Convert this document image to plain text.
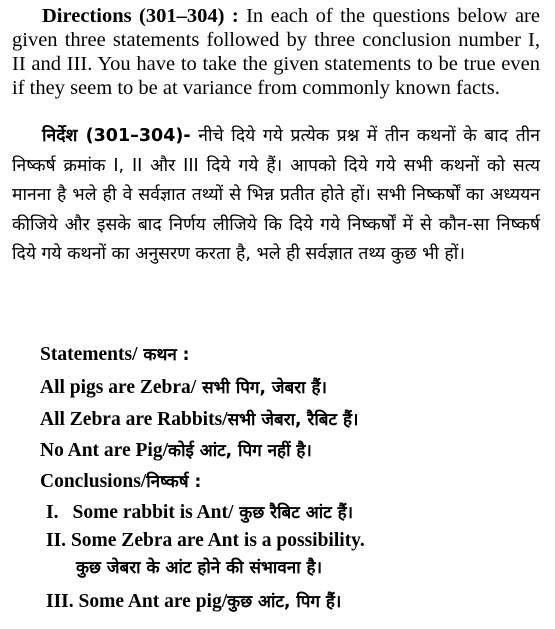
Directions (301–304) : In each of the questions below are given three statements followed by three conclusion number I, II and III. You have to take the given statements to be true even if they seem to be at variance from commonly known facts.
निर्देश (301–304)- नीचे दिये गये प्रत्येक प्रश्न में तीन कथनों के बाद तीन निष्कर्ष क्रमांक I, II और III दिये गये हैं। आपको दिये गये सभी कथनों को सत्य मानना है भले ही वे सर्वज्ञात तथ्यों से भिन्न प्रतीत होते हों। सभी निष्कर्षों का अध्ययन कीजिये और इसके बाद निर्णय लीजिये कि दिये गये निष्कर्षों में से कौन-सा निष्कर्ष दिये गये कथनों का अनुसरण करता है, भले ही सर्वज्ञात तथ्य कुछ भी हों।
Statements/ कथन :
All pigs are Zebra/ सभी पिग, जेबरा हैं।
All Zebra are Rabbits/सभी जेबरा, रैबिट हैं।
No Ant are Pig/कोई आंट, पिग नहीं है।
Conclusions/निष्कर्ष :
I. Some rabbit is Ant/ कुछ रैबिट आंट हैं।
II. Some Zebra are Ant is a possibility.
कुछ जेबरा के आंट होने की संभावना है।
III. Some Ant are pig/कुछ आंट, पिग हैं।
